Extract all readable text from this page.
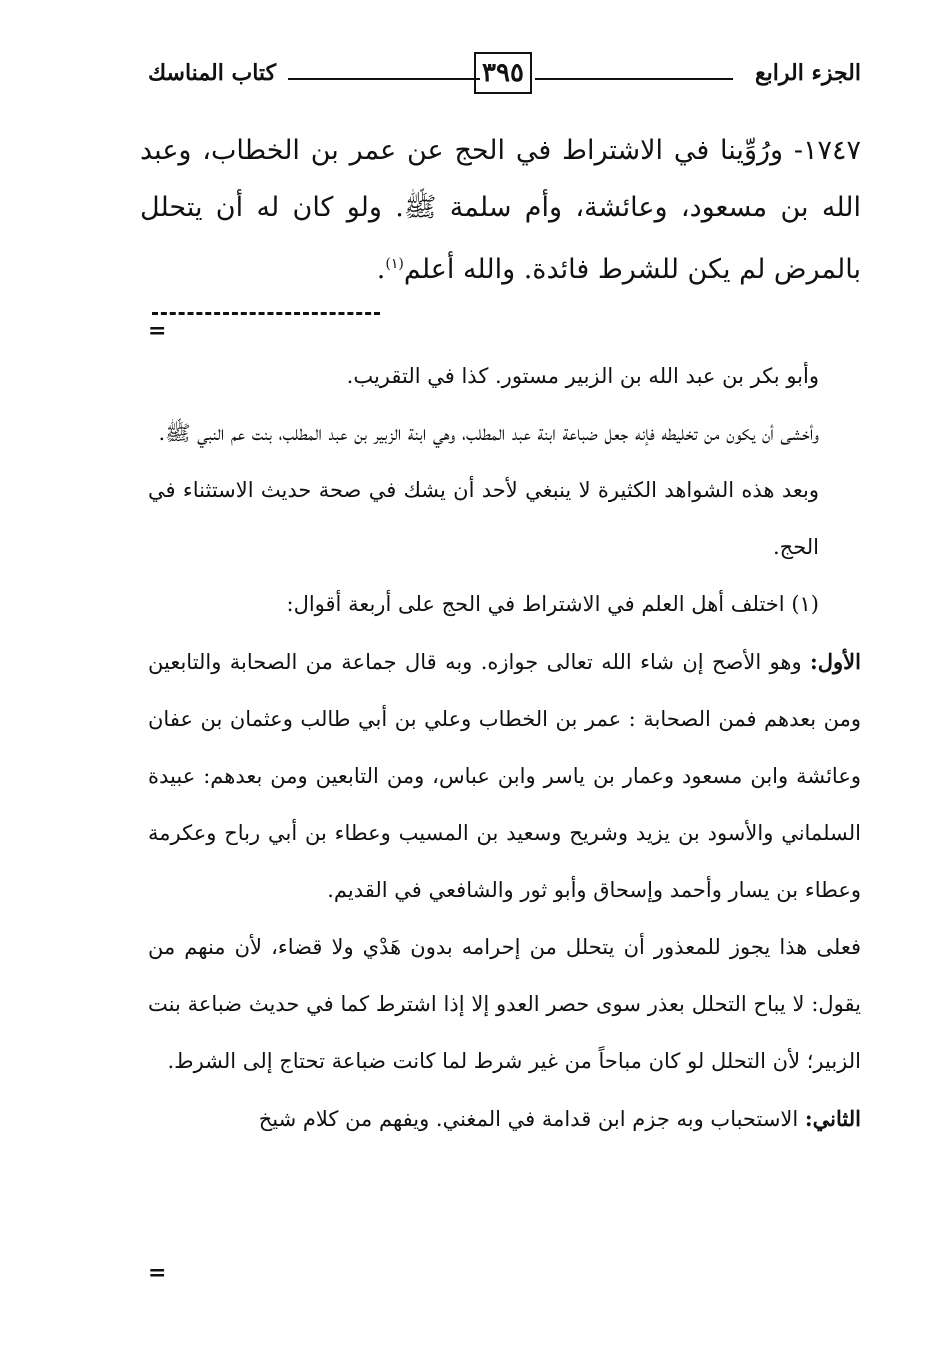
الجزء الرابع
٣٩٥
كتاب المناسك

١٧٤٧- ورُوِّينا في الاشتراط في الحج عن عمر بن الخطاب، وعبد الله بن مسعود، وعائشة، وأم سلمة ﷺ. ولو كان له أن يتحلل بالمرض لم يكن للشرط فائدة. والله أعلم$^{(١)}$.

=

وأبو بكر بن عبد الله بن الزبير مستور. كذا في التقريب.

وأخشى أن يكون من تخليطه فإنه جعل ضباعة ابنة عبد المطلب، وهي ابنة الزبير بن عبد المطلب، بنت عم النبي ﷺ.

وبعد هذه الشواهد الكثيرة لا ينبغي لأحد أن يشك في صحة حديث الاستثناء في الحج.

(١) اختلف أهل العلم في الاشتراط في الحج على أربعة أقوال:

الأول: وهو الأصح إن شاء الله تعالى جوازه. وبه قال جماعة من الصحابة والتابعين ومن بعدهم فمن الصحابة : عمر بن الخطاب وعلي بن أبي طالب وعثمان بن عفان وعائشة وابن مسعود وعمار بن ياسر وابن عباس، ومن التابعين ومن بعدهم: عبيدة السلماني والأسود بن يزيد وشريح وسعيد بن المسيب وعطاء بن أبي رباح وعكرمة وعطاء بن يسار وأحمد وإسحاق وأبو ثور والشافعي في القديم.

فعلى هذا يجوز للمعذور أن يتحلل من إحرامه بدون هَدْي ولا قضاء، لأن منهم من يقول: لا يباح التحلل بعذر سوى حصر العدو إلا إذا اشترط كما في حديث ضباعة بنت الزبير؛ لأن التحلل لو كان مباحاً من غير شرط لما كانت ضباعة تحتاج إلى الشرط.

الثاني: الاستحباب وبه جزم ابن قدامة في المغني. ويفهم من كلام شيخ

=
